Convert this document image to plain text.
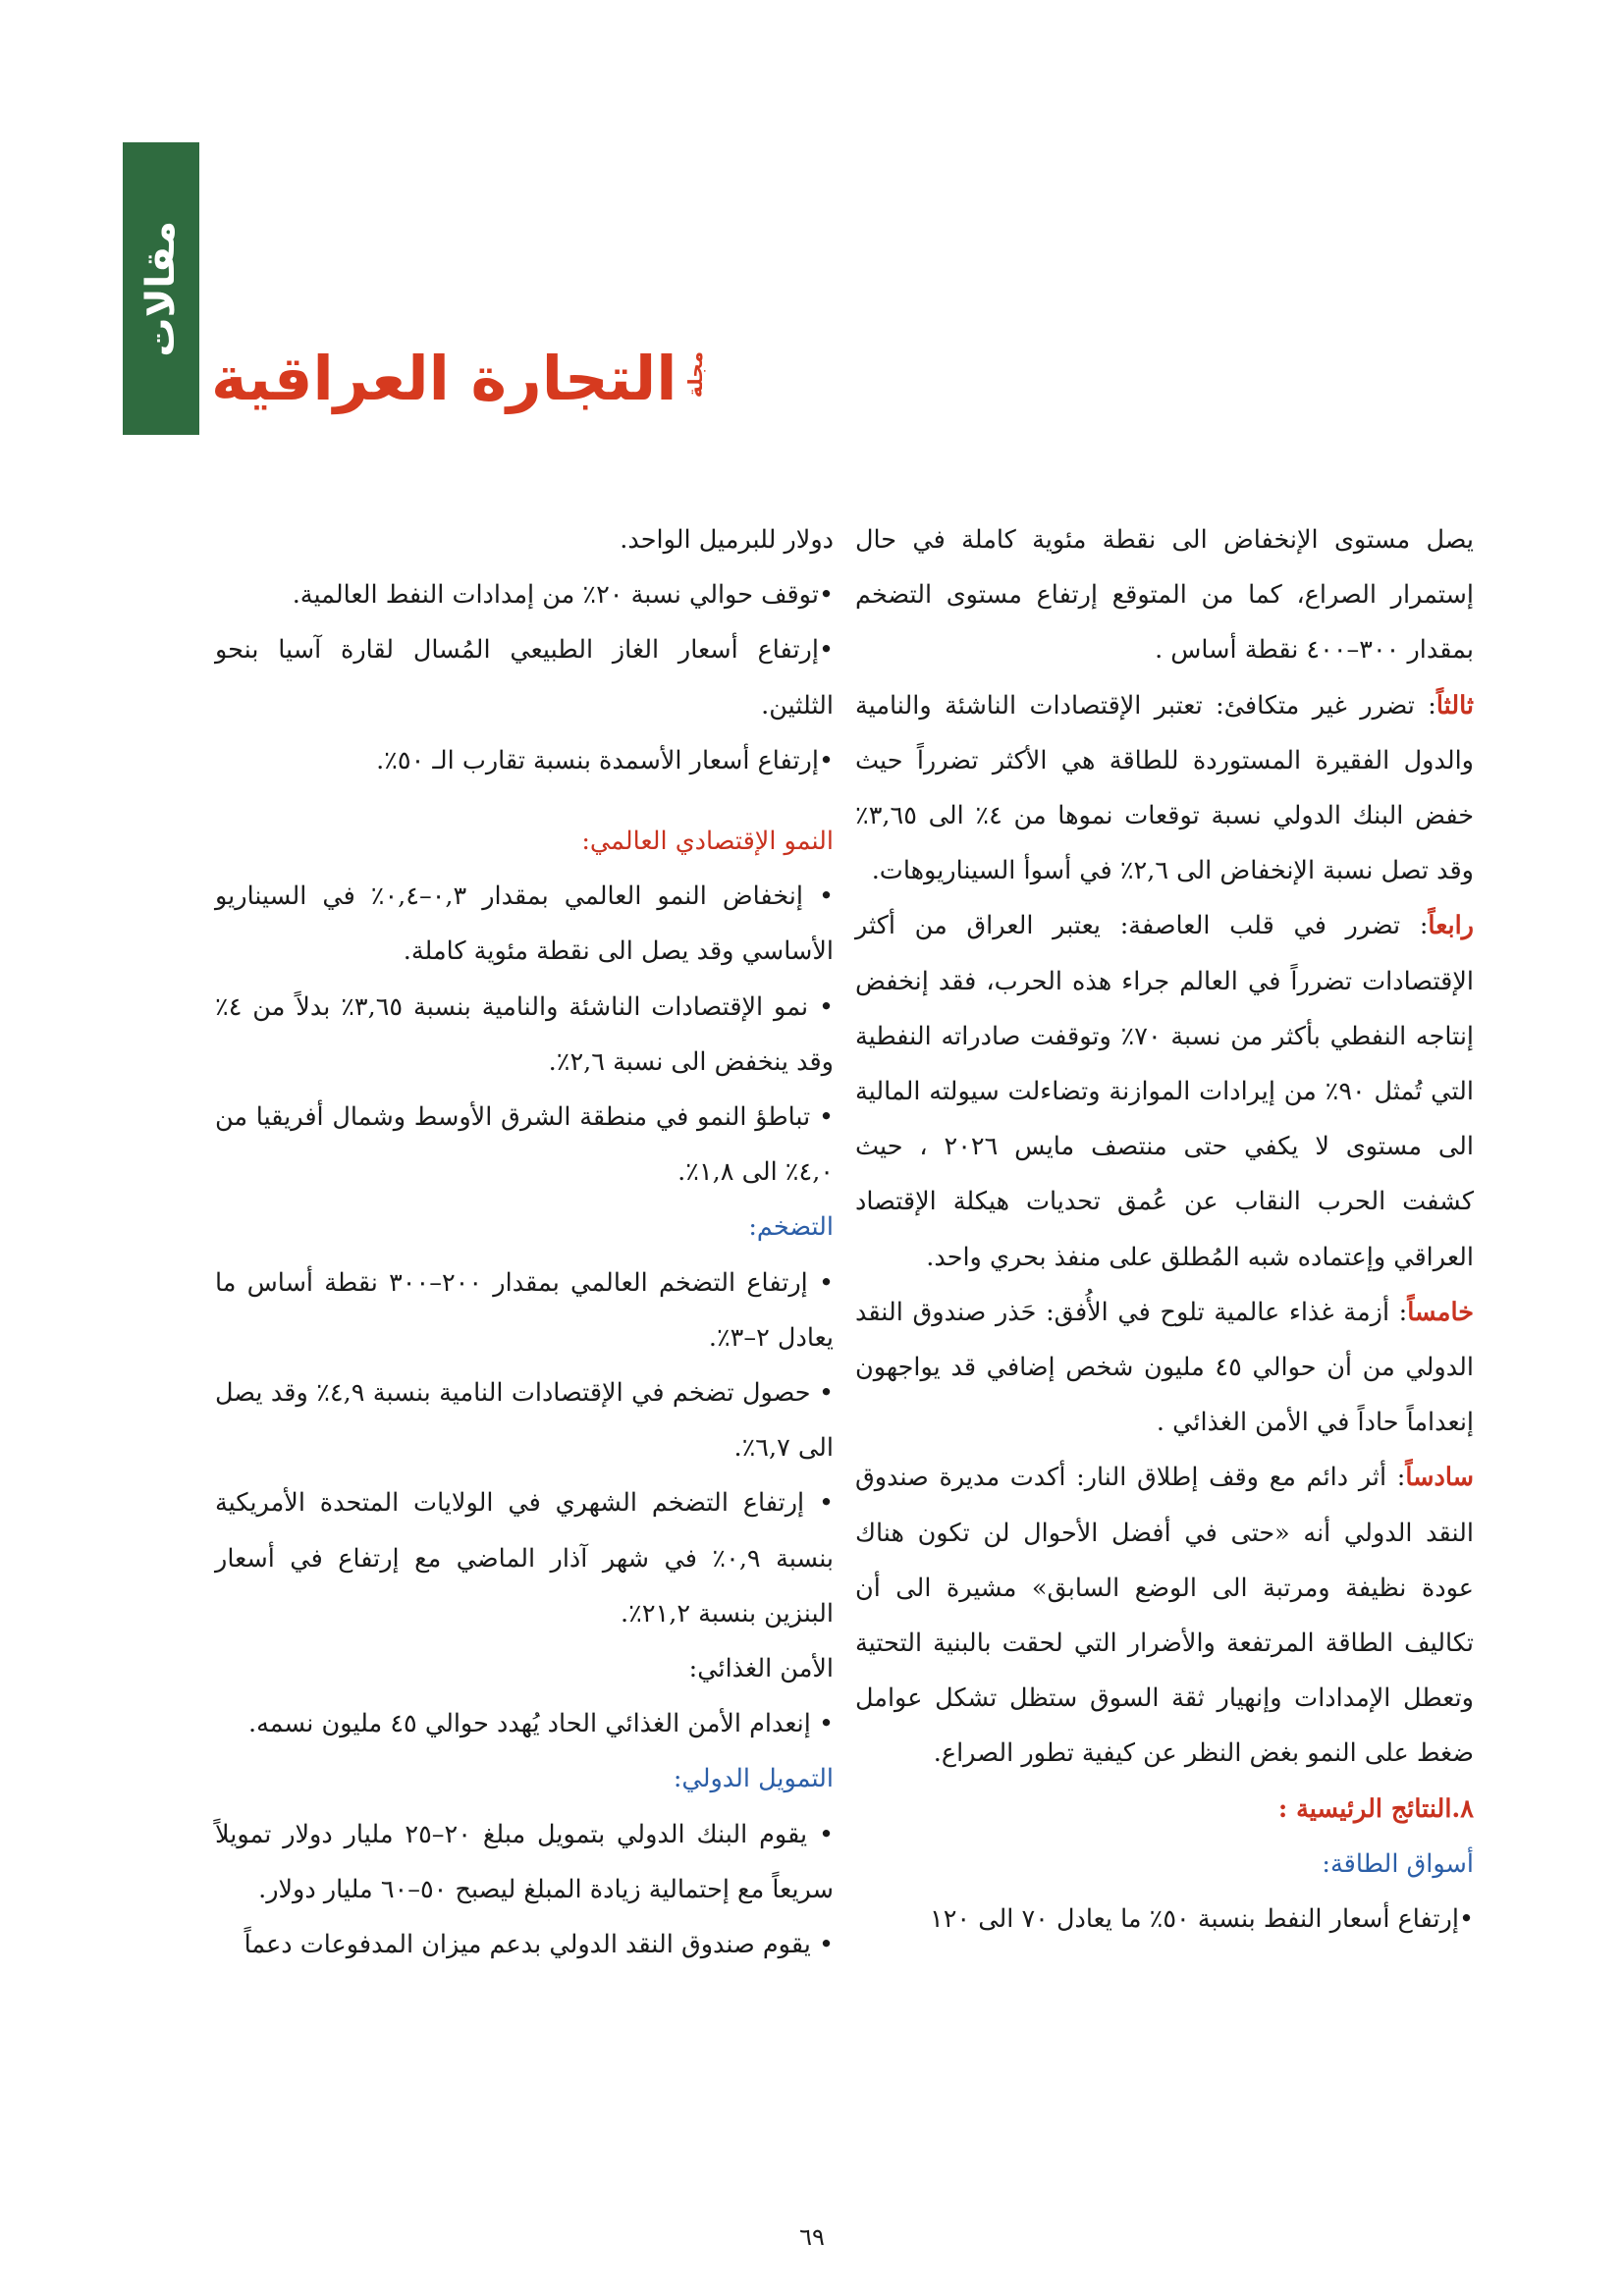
مقالات
مجلة
التجارة العراقية

يصل مستوى الإنخفاض الى نقطة مئوية كاملة في حال إستمرار الصراع، كما من المتوقع إرتفاع مستوى التضخم بمقدار ٣٠٠–٤٠٠ نقطة أساس .

ثالثاً: تضرر غير متكافئ: تعتبر الإقتصادات الناشئة والنامية والدول الفقيرة المستوردة للطاقة هي الأكثر تضرراً حيث خفض البنك الدولي نسبة توقعات نموها من ٤٪ الى ٣,٦٥٪ وقد تصل نسبة الإنخفاض الى ٢,٦٪ في أسوأ السيناريوهات.

رابعاً: تضرر في قلب العاصفة: يعتبر العراق من أكثر الإقتصادات تضرراً في العالم جراء هذه الحرب، فقد إنخفض إنتاجه النفطي بأكثر من نسبة ٧٠٪ وتوقفت صادراته النفطية التي تُمثل ٩٠٪ من إيرادات الموازنة وتضاءلت سيولته المالية الى مستوى لا يكفي حتى منتصف مايس ٢٠٢٦ ، حيث كشفت الحرب النقاب عن عُمق تحديات هيكلة الإقتصاد العراقي وإعتماده شبه المُطلق على منفذ بحري واحد.

خامساً: أزمة غذاء عالمية تلوح في الأُفق: حَذر صندوق النقد الدولي من أن حوالي ٤٥ مليون شخص إضافي قد يواجهون إنعداماً حاداً في الأمن الغذائي .

سادساً: أثر دائم مع وقف إطلاق النار: أكدت مديرة صندوق النقد الدولي أنه «حتى في أفضل الأحوال لن تكون هناك عودة نظيفة ومرتبة الى الوضع السابق» مشيرة الى أن تكاليف الطاقة المرتفعة والأضرار التي لحقت بالبنية التحتية وتعطل الإمدادات وإنهيار ثقة السوق ستظل تشكل عوامل ضغط على النمو بغض النظر عن كيفية تطور الصراع.

٨.النتائج الرئيسية :

أسواق الطاقة:

•إرتفاع أسعار النفط بنسبة ٥٠٪ ما يعادل ٧٠ الى ١٢٠

دولار للبرميل الواحد.

•توقف حوالي نسبة ٢٠٪ من إمدادات النفط العالمية.

•إرتفاع أسعار الغاز الطبيعي المُسال لقارة آسيا بنحو الثلثين.

•إرتفاع أسعار الأسمدة بنسبة تقارب الـ ٥٠٪.

النمو الإقتصادي العالمي:

• إنخفاض النمو العالمي بمقدار ٠,٣–٠,٤٪ في السيناريو الأساسي وقد يصل الى نقطة مئوية كاملة.

• نمو الإقتصادات الناشئة والنامية بنسبة ٣,٦٥٪ بدلاً من ٤٪ وقد ينخفض الى نسبة ٢,٦٪.

• تباطؤ النمو في منطقة الشرق الأوسط وشمال أفريقيا من ٤,٠٪ الى ١,٨٪.

التضخم:

• إرتفاع التضخم العالمي بمقدار ٢٠٠–٣٠٠ نقطة أساس ما يعادل ٢–٣٪.

• حصول تضخم في الإقتصادات النامية بنسبة ٤,٩٪ وقد يصل الى ٦,٧٪.

• إرتفاع التضخم الشهري في الولايات المتحدة الأمريكية بنسبة ٠,٩٪ في شهر آذار الماضي مع إرتفاع في أسعار البنزين بنسبة ٢١,٢٪.

الأمن الغذائي:

• إنعدام الأمن الغذائي الحاد يُهدد حوالي ٤٥ مليون نسمه.

التمويل الدولي:

• يقوم البنك الدولي بتمويل مبلغ ٢٠–٢٥ مليار دولار تمويلاً سريعاً مع إحتمالية زيادة المبلغ ليصبح ٥٠–٦٠ مليار دولار.

• يقوم صندوق النقد الدولي بدعم ميزان المدفوعات دعماً

٦٩
